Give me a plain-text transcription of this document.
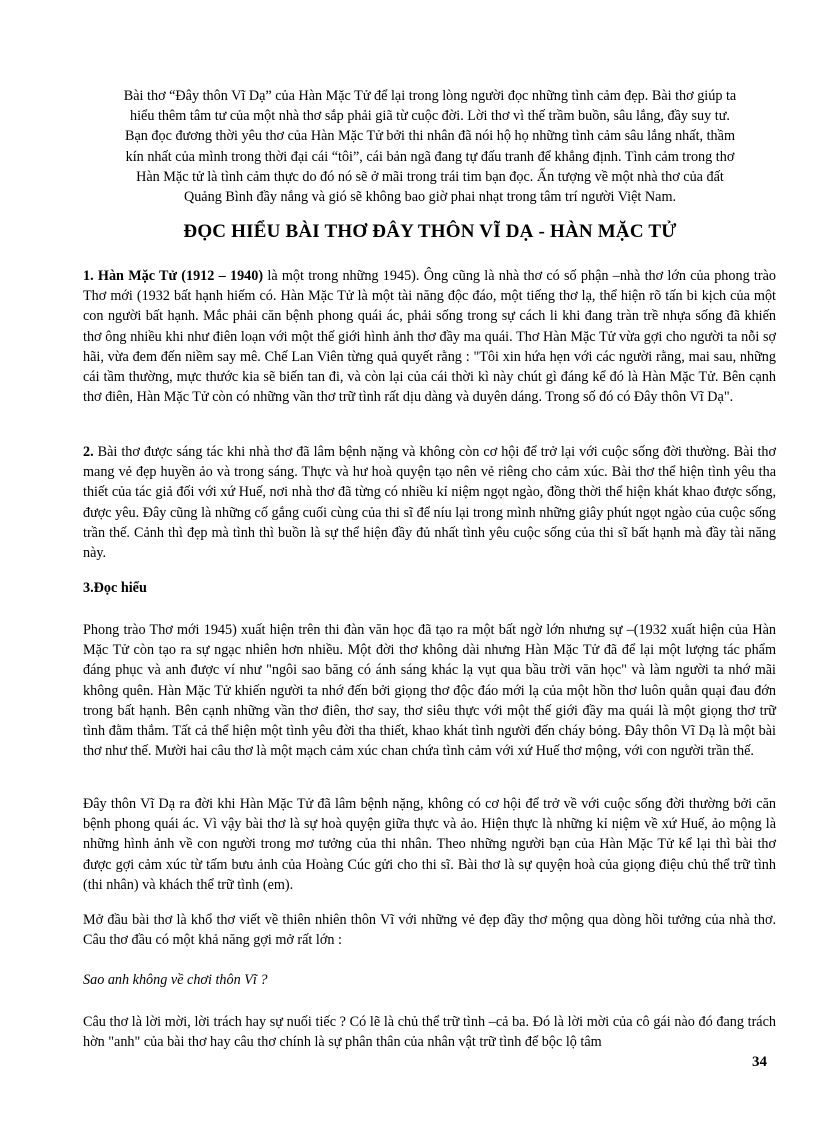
Bài thơ “Đây thôn Vĩ Dạ” của Hàn Mặc Tử để lại trong lòng người đọc những tình cảm đẹp. Bài thơ giúp ta
hiểu thêm tâm tư của một nhà thơ sắp phải giã từ cuộc đời. Lời thơ vì thế trầm buồn, sâu lắng, đầy suy tư.
Bạn đọc đương thời yêu thơ của Hàn Mặc Tử bởi thi nhân đã nói hộ họ những tình cảm sâu lắng nhất, thầm
kín nhất của mình trong thời đại cái “tôi”, cái bản ngã đang tự đấu tranh để khẳng định. Tình cảm trong thơ
Hàn Mặc tử là tình cảm thực do đó nó sẽ ở mãi trong trái tim bạn đọc. Ấn tượng về một nhà thơ của đất
Quảng Bình đầy nắng và gió sẽ không bao giờ phai nhạt trong tâm trí người Việt Nam.
ĐỌC HIỂU BÀI THƠ ĐÂY THÔN VĨ DẠ - HÀN MẶC TỬ

1. Hàn Mặc Tử (1912 – 1940) là một trong những 1945). Ông cũng là nhà thơ có số phận –nhà thơ lớn của phong trào Thơ mới (1932 bất hạnh hiếm có. Hàn Mặc Tử là một tài năng độc đáo, một tiếng thơ lạ, thể hiện rõ tấn bi kịch của một con người bất hạnh. Mắc phải căn bệnh phong quái ác, phải sống trong sự cách li khi đang tràn trề nhựa sống đã khiến thơ ông nhiều khi như điên loạn với một thế giới hình ảnh thơ đầy ma quái. Thơ Hàn Mặc Tử vừa gợi cho người ta nỗi sợ hãi, vừa đem đến niềm say mê. Chế Lan Viên từng quả quyết rằng : "Tôi xin hứa hẹn với các người rằng, mai sau, những cái tầm thường, mực thước kia sẽ biến tan đi, và còn lại của cái thời kì này chút gì đáng kể đó là Hàn Mặc Tử. Bên cạnh thơ điên, Hàn Mặc Tử còn có những vần thơ trữ tình rất dịu dàng và duyên dáng. Trong số đó có Đây thôn Vĩ Dạ".

2. Bài thơ được sáng tác khi nhà thơ đã lâm bệnh nặng và không còn cơ hội để trở lại với cuộc sống đời thường. Bài thơ mang vẻ đẹp huyền ảo và trong sáng. Thực và hư hoà quyện tạo nên vẻ riêng cho cảm xúc. Bài thơ thể hiện tình yêu tha thiết của tác giả đối với xứ Huế, nơi nhà thơ đã từng có nhiều kỉ niệm ngọt ngào, đồng thời thể hiện khát khao được sống, được yêu. Đây cũng là những cố gắng cuối cùng của thi sĩ để níu lại trong mình những giây phút ngọt ngào của cuộc sống trần thế. Cảnh thì đẹp mà tình thì buồn là sự thể hiện đầy đủ nhất tình yêu cuộc sống của thi sĩ bất hạnh mà đầy tài năng này.

3.Đọc hiểu

Phong trào Thơ mới 1945) xuất hiện trên thi đàn văn học đã tạo ra một bất ngờ lớn nhưng sự –(1932 xuất hiện của Hàn Mặc Tử còn tạo ra sự ngạc nhiên hơn nhiều. Một đời thơ không dài nhưng Hàn Mặc Tử đã để lại một lượng tác phẩm đáng phục và anh được ví như "ngôi sao băng có ánh sáng khác lạ vụt qua bầu trời văn học" và làm người ta nhớ mãi không quên. Hàn Mặc Tử khiến người ta nhớ đến bởi giọng thơ độc đáo mới lạ của một hồn thơ luôn quằn quại đau đớn trong bất hạnh. Bên cạnh những vần thơ điên, thơ say, thơ siêu thực với một thế giới đầy ma quái là một giọng thơ trữ tình đằm thắm. Tất cả thể hiện một tình yêu đời tha thiết, khao khát tình người đến cháy bỏng. Đây thôn Vĩ Dạ là một bài thơ như thế. Mười hai câu thơ là một mạch cảm xúc chan chứa tình cảm với xứ Huế thơ mộng, với con người trần thế.

Đây thôn Vĩ Dạ ra đời khi Hàn Mặc Tử đã lâm bệnh nặng, không có cơ hội để trở về với cuộc sống đời thường bởi căn bệnh phong quái ác. Vì vậy bài thơ là sự hoà quyện giữa thực và ảo. Hiện thực là những kỉ niệm về xứ Huế, ảo mộng là những hình ảnh về con người trong mơ tưởng của thi nhân. Theo những người bạn của Hàn Mặc Tử kể lại thì bài thơ được gợi cảm xúc từ tấm bưu ảnh của Hoàng Cúc gửi cho thi sĩ. Bài thơ là sự quyện hoà của giọng điệu chủ thể trữ tình (thi nhân) và khách thể trữ tình (em).

Mở đầu bài thơ là khổ thơ viết về thiên nhiên thôn Vĩ với những vẻ đẹp đầy thơ mộng qua dòng hồi tưởng của nhà thơ. Câu thơ đầu có một khả năng gợi mở rất lớn :

Sao anh không về chơi thôn Vĩ ?

Câu thơ là lời mời, lời trách hay sự nuối tiếc ? Có lẽ là chủ thể trữ tình –cả ba. Đó là lời mời của cô gái nào đó đang trách hờn "anh" của bài thơ hay câu thơ chính là sự phân thân của nhân vật trữ tình để bộc lộ tâm

34
